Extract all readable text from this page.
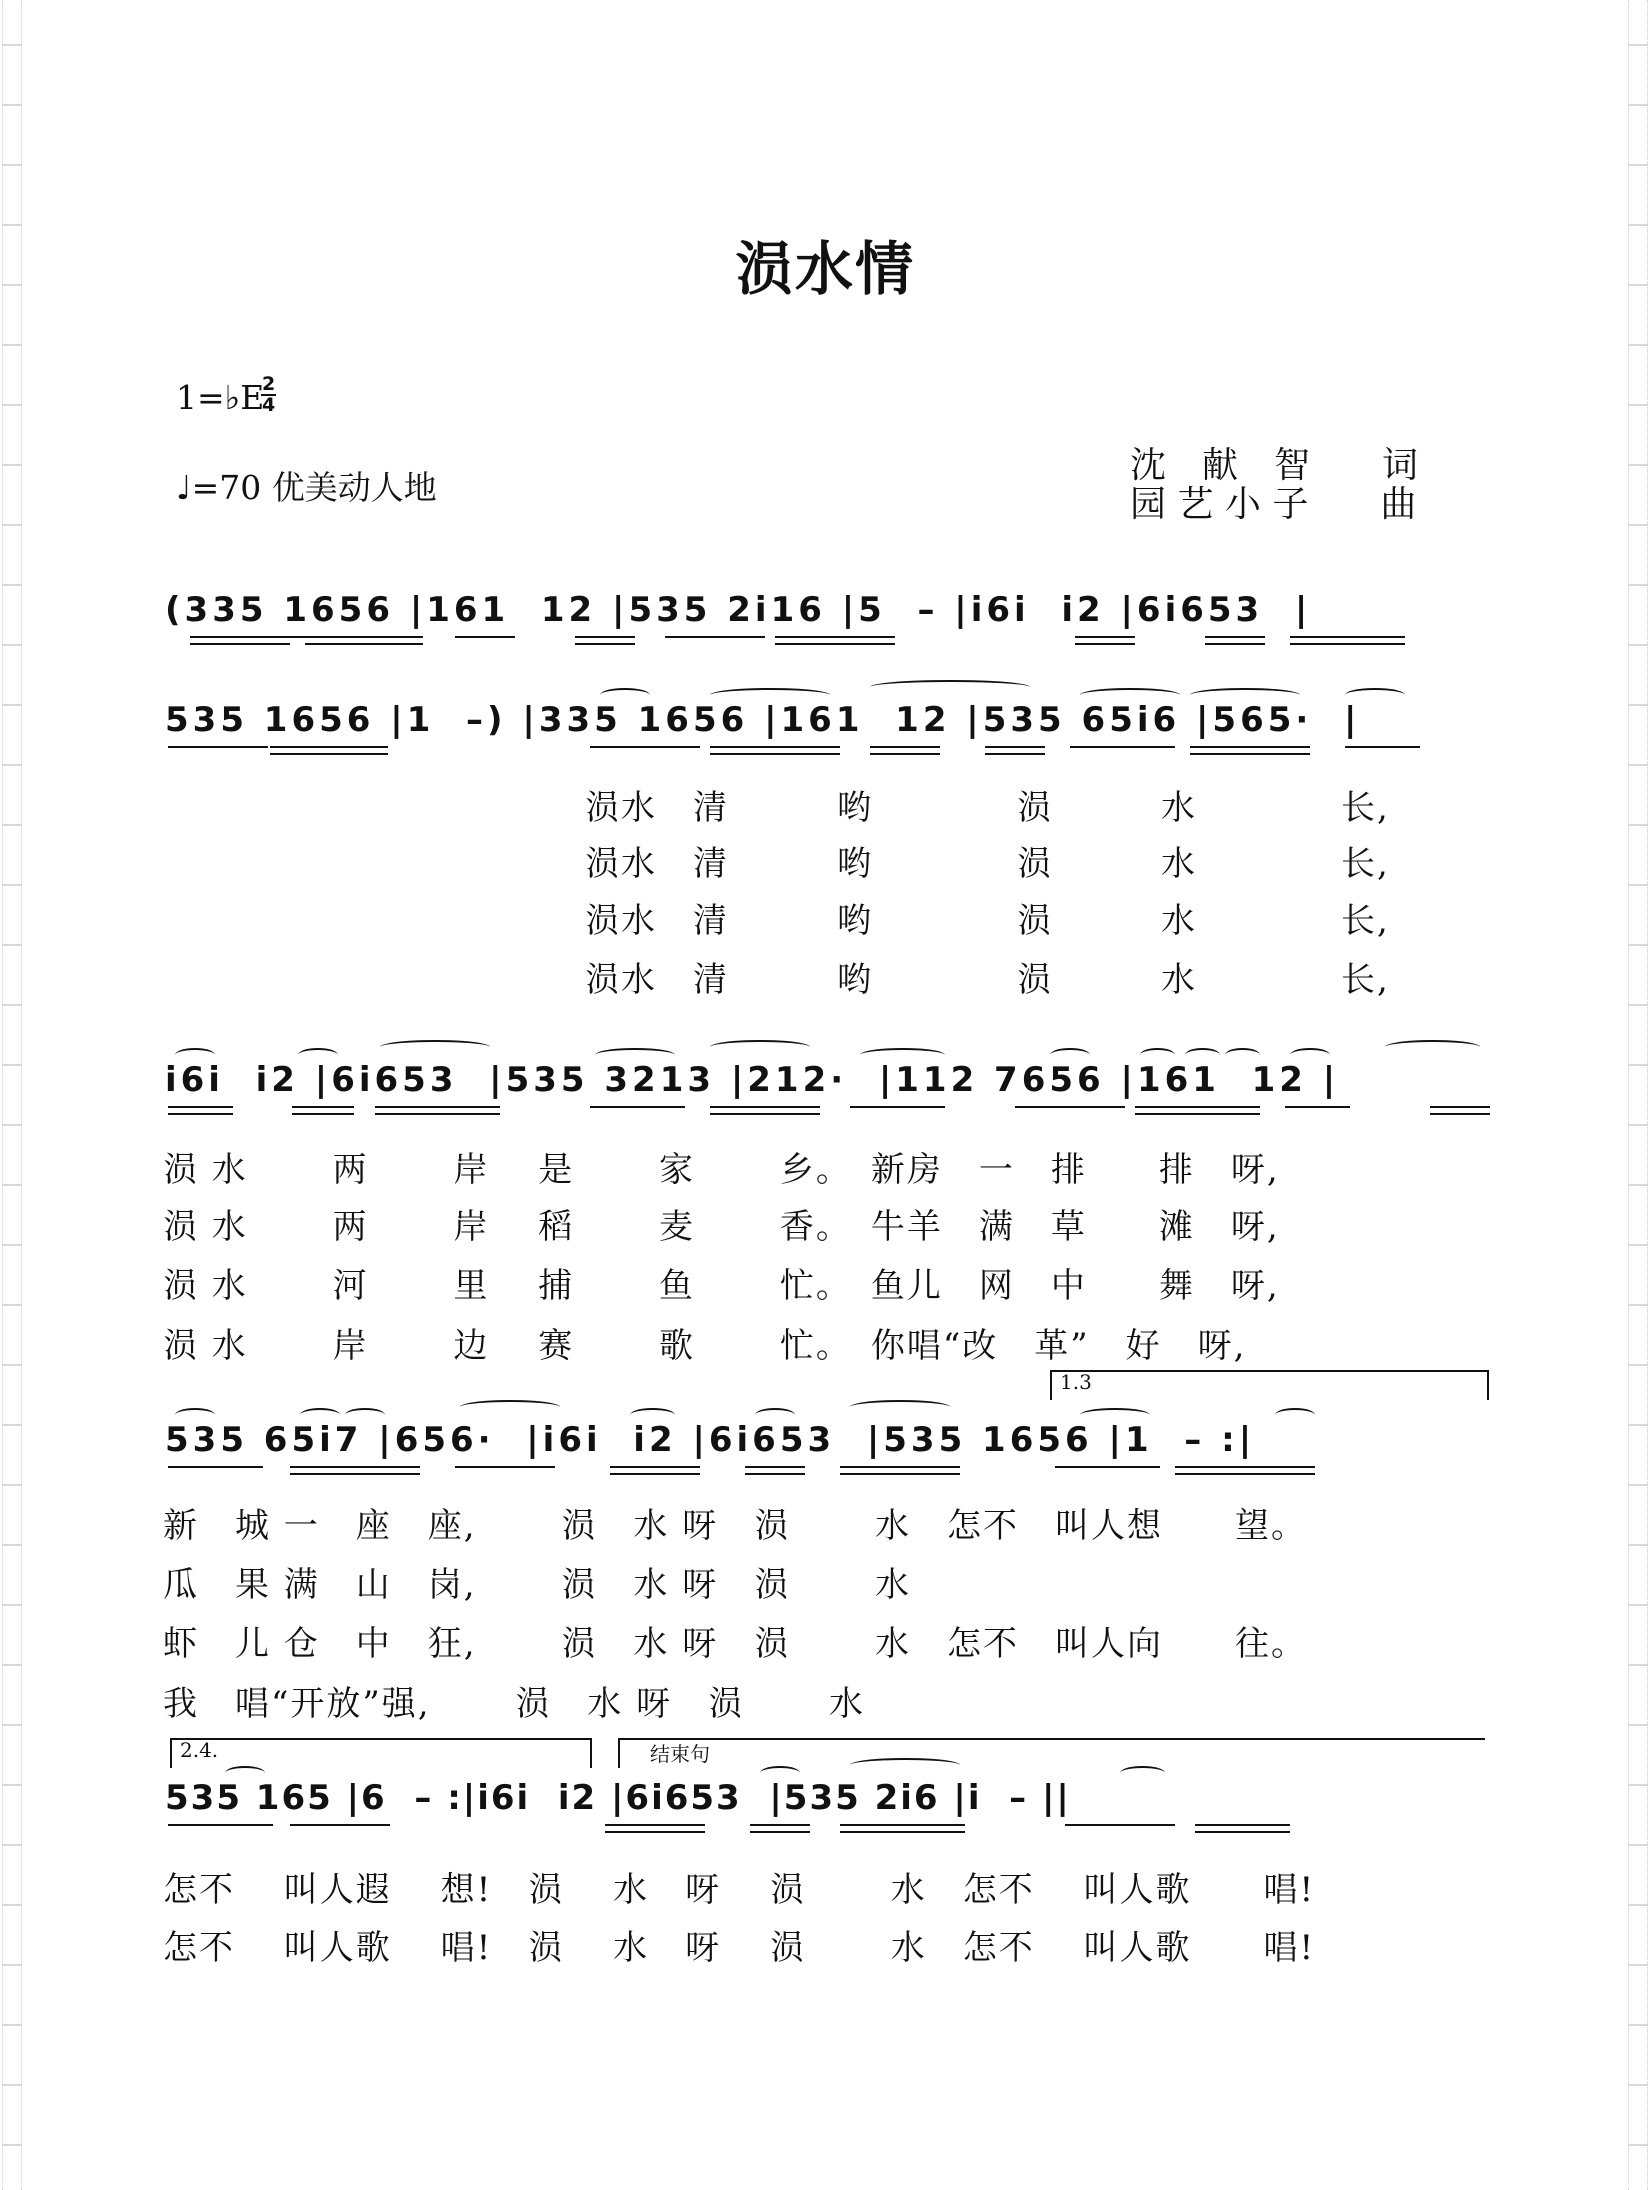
涢水情
1=♭E
2
4
♩=70 优美动人地
沈　献　智　　词
园 艺 小 子　　曲
(335 1656 |161  12 |535 2i16 |5  – |i6i  i2 |6i653  |
535 1656 |1  –) |335 1656 |161  12 |535 65i6 |565·  |
i6i  i2 |6i653  |535 3213 |212·  |112 7656 |161  12 |
535 65i7 |656·  |i6i  i2 |6i653  |535 1656 |1  – :|
535 165 |6  – :|i6i  i2 |6i653  |535 2i6 |i  – ||
1.3
2.4.	结束句
涢水　清　　　哟　　　　涢　　　水　　　　长,
涢水　清　　　哟　　　　涢　　　水　　　　长,
涢水　清　　　哟　　　　涢　　　水　　　　长,
涢水　清　　　哟　　　　涢　　　水　　　　长,
涢 水　　 两　　 岸　 是　　 家　　 乡。　新房　一　排　　排　呀,
涢 水　　 两　　 岸　 稻　　 麦　　 香。　牛羊　满　草　　滩　呀,
涢 水　　 河　　 里　 捕　　 鱼　　 忙。　鱼儿　网　中　　舞　呀,
涢 水　　 岸　　 边　 赛　　 歌　　 忙。　你唱“改　革”　好　呀,
新　城 一　座　座,　　 涢　水 呀　涢　　 水　怎不　叫人想　　望。
瓜　果 满　山　岗,　　 涢　水 呀　涢　　 水
虾　儿 仓　中　狂,　　 涢　水 呀　涢　　 水　怎不　叫人向　　往。
我　唱“开放”强,　　 涢　水 呀　涢　　 水
怎不　 叫人遐　 想!　涢　 水　呀　 涢　　 水　怎不　 叫人歌　　唱!
怎不　 叫人歌　 唱!　涢　 水　呀　 涢　　 水　怎不　 叫人歌　　唱!
